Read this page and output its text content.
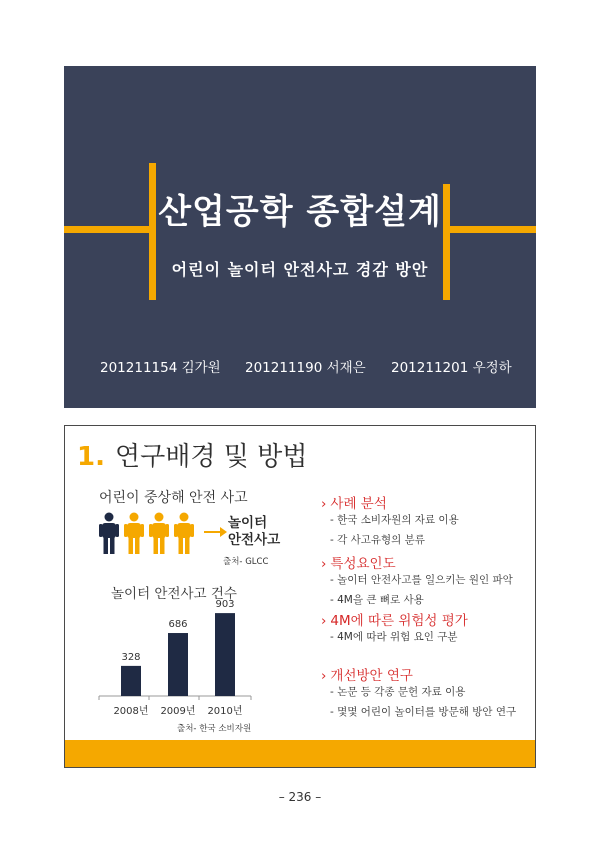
산업공학 종합설계
어린이 놀이터 안전사고 경감 방안
201211154 김가원 201211190 서재은 201211201 우정하
1. 연구배경 및 방법
어린이 중상해 안전 사고
놀이터
안전사고
출처- GLCC
놀이터 안전사고 건수
328
2008년
686
2009년
903
2010년
출처- 한국 소비자원
› 사례 분석
- 한국 소비자원의 자료 이용
- 각 사고유형의 분류
› 특성요인도
- 놀이터 안전사고를 일으키는 원인 파악
- 4M을 큰 뼈로 사용
› 4M에 따른 위험성 평가
- 4M에 따라 위험 요인 구분
› 개선방안 연구
- 논문 등 각종 문헌 자료 이용
- 몇몇 어린이 놀이터를 방문해 방안 연구
– 236 –
